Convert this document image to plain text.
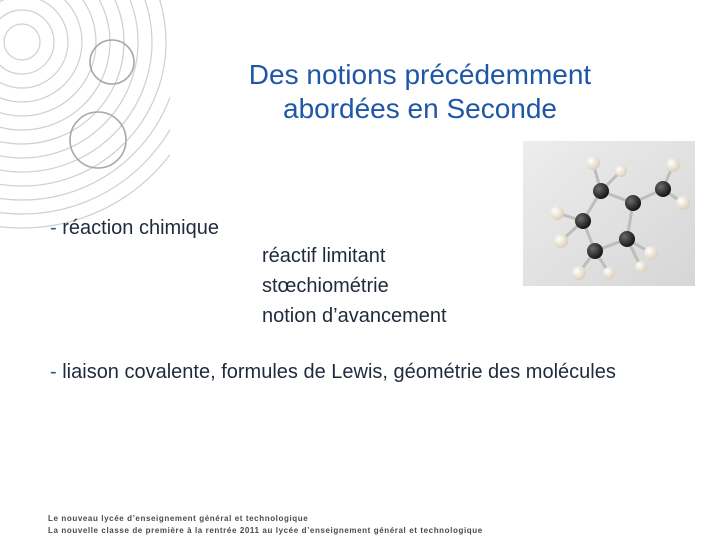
Des notions précédemment
abordées en Seconde
- réaction chimique
réactif limitant
stœchiométrie
notion d’avancement
- liaison covalente, formules de Lewis, géométrie des molécules
Le nouveau lycée d’enseignement général et technologique
La nouvelle classe de première à la rentrée 2011 au lycée d’enseignement général et technologique
